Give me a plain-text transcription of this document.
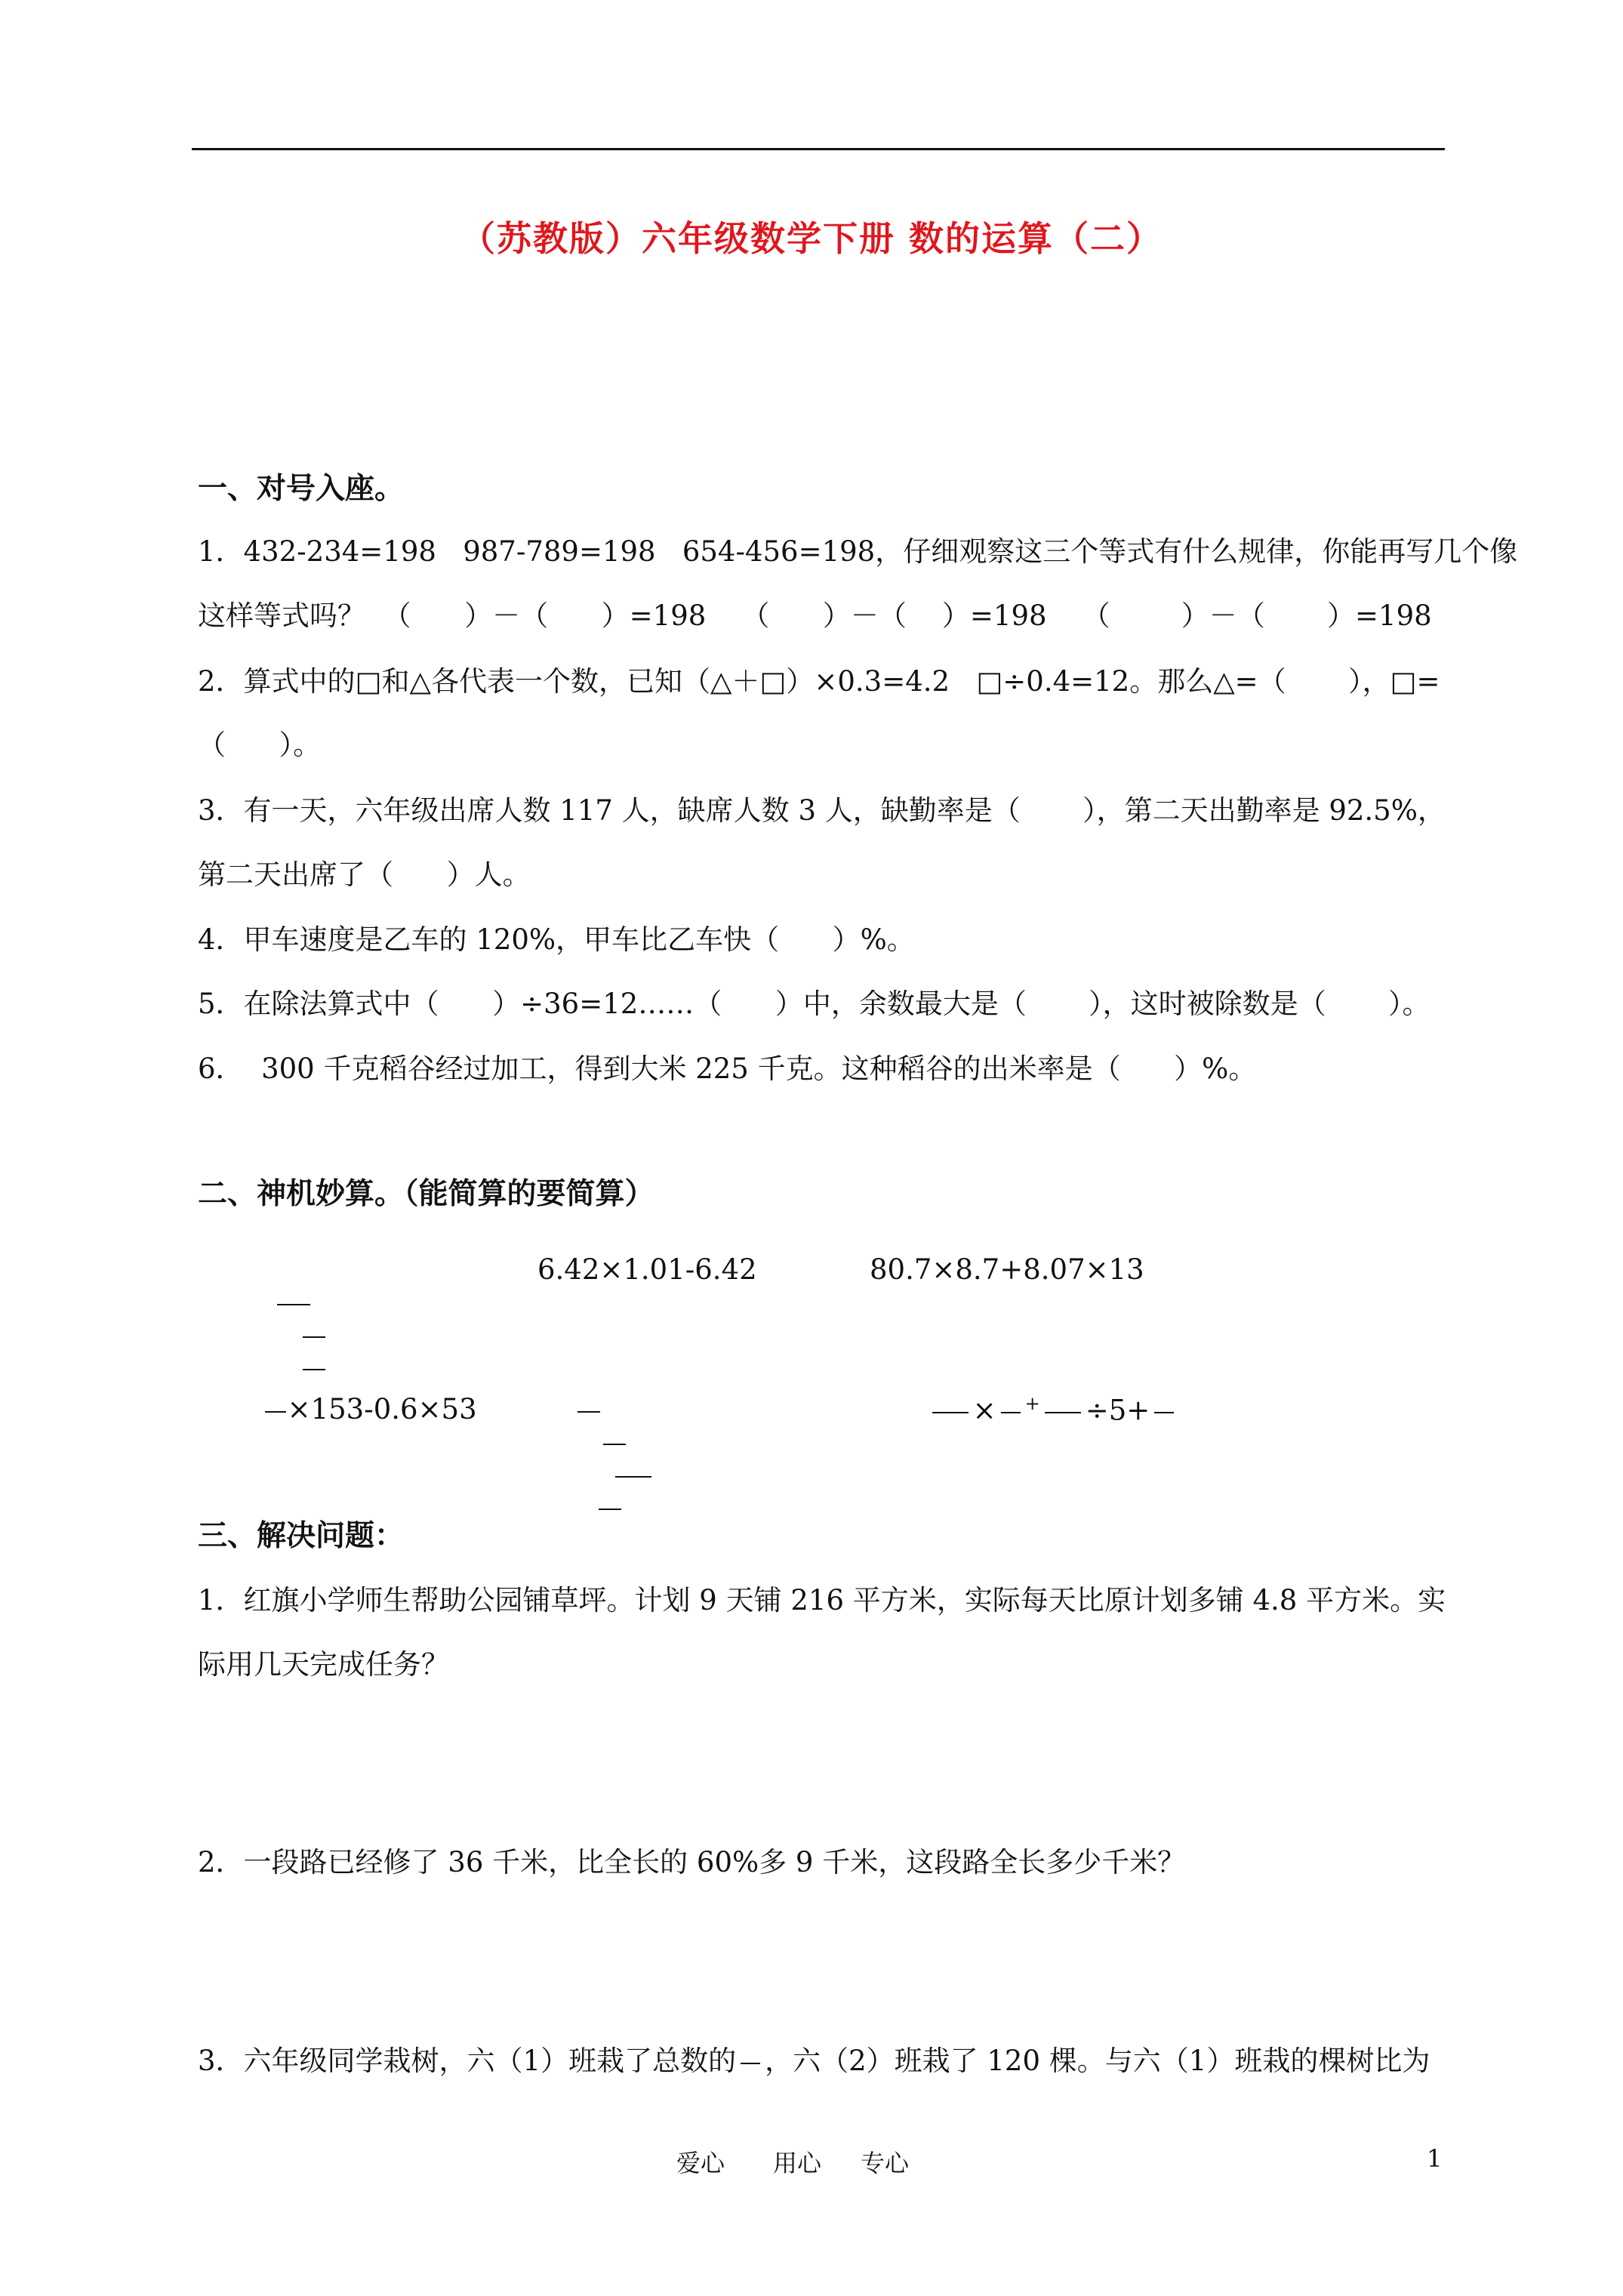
（苏教版）六年级数学下册 数的运算（二）
一、对号入座。
1．432-234=198   987-789=198   654-456=198，仔细观察这三个等式有什么规律，你能再写几个像
这样等式吗？  （      ）－（      ）=198    （      ）－（    ）=198    （        ）－（       ）=198
2．算式中的□和△各代表一个数，已知（△＋□）×0.3=4.2   □÷0.4=12。那么△=（       ），□=
（      ）。
3．有一天，六年级出席人数 117 人，缺席人数 3 人，缺勤率是（       ），第二天出勤率是 92.5%，
第二天出席了（      ）人。
4．甲车速度是乙车的 120%，甲车比乙车快（      ）%。
5．在除法算式中（      ）÷36=12……（      ）中，余数最大是（       ），这时被除数是（       ）。
6．  300 千克稻谷经过加工，得到大米 225 千克。这种稻谷的出米率是（      ）%。
二、神机妙算。（能简算的要简算）

6.42×1.01-6.42	80.7×8.7+8.07×13

×153-0.6×53

	× + ÷5+

三、解决问题：
1．红旗小学师生帮助公园铺草坪。计划 9 天铺 216 平方米，实际每天比原计划多铺 4.8 平方米。实
际用几天完成任务？
2．一段路已经修了 36 千米，比全长的 60%多 9 千米，这段路全长多少千米？
3．六年级同学栽树，六（1）班栽了总数的 ，六（2）班栽了 120 棵。与六（1）班栽的棵树比为
爱心 用心 专心	1
